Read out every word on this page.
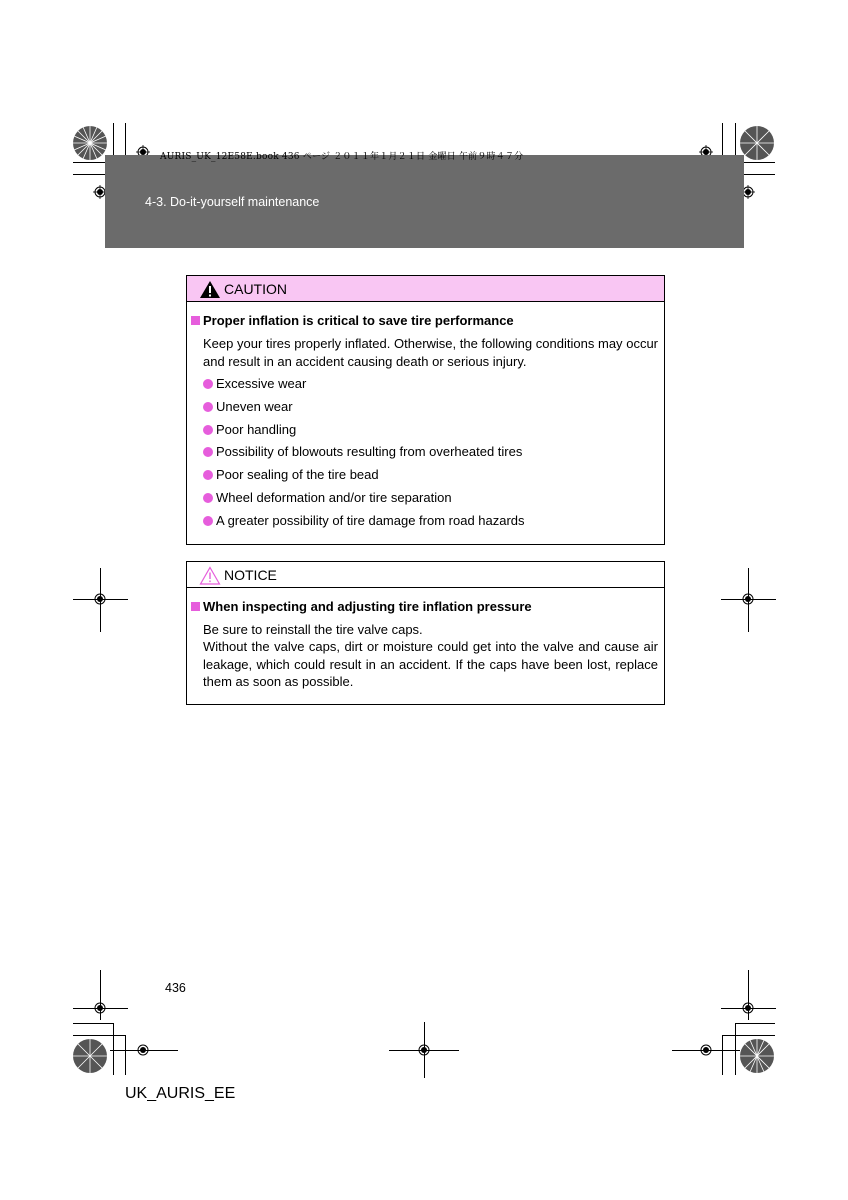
AURIS_UK_12E58E.book 436 ページ ２０１１年１月２１日 金曜日 午前９時４７分
4-3. Do-it-yourself maintenance
CAUTION
Proper inflation is critical to save tire performance
Keep your tires properly inflated. Otherwise, the following conditions may occur and result in an accident causing death or serious injury.
Excessive wear
Uneven wear
Poor handling
Possibility of blowouts resulting from overheated tires
Poor sealing of the tire bead
Wheel deformation and/or tire separation
A greater possibility of tire damage from road hazards
NOTICE
When inspecting and adjusting tire inflation pressure
Be sure to reinstall the tire valve caps.
Without the valve caps, dirt or moisture could get into the valve and cause air leakage, which could result in an accident. If the caps have been lost, replace them as soon as possible.
436
UK_AURIS_EE
